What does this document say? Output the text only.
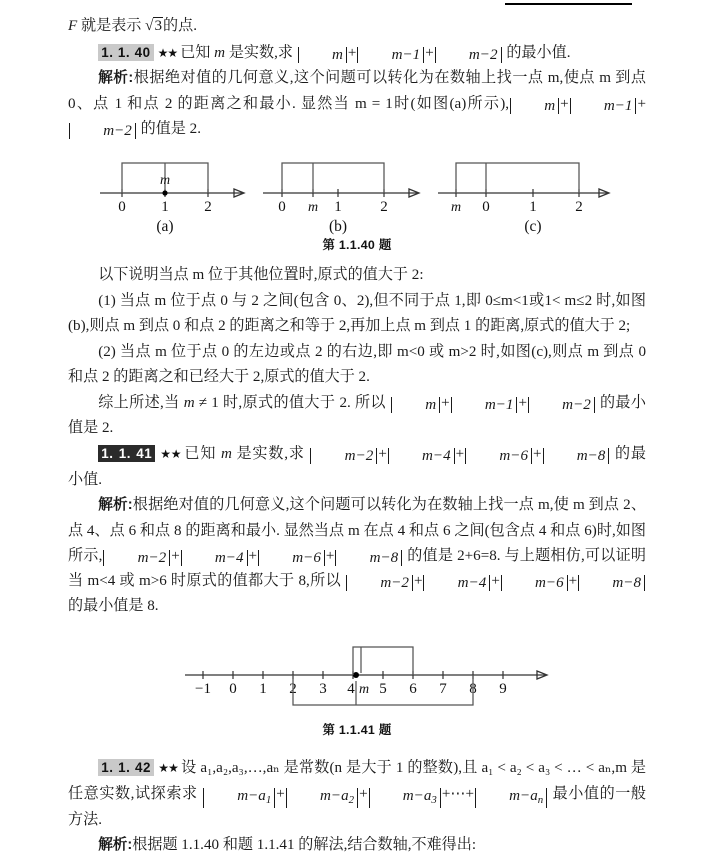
F 就是表示 √3的点.

1. 1. 40 ★★ 已知 m 是实数,求 m + m−1 + m−2 的最小值.

解析:根据绝对值的几何意义,这个问题可以转化为在数轴上找一点 m,使点 m 到点 0、点 1 和点 2 的距离之和最小. 显然当 m = 1时(如图(a)所示), m + m−1 +m−2 的值是 2.

m
0 1 2
(a)
0 m 1	2
(b)
m 0	1	2
(c)
第 1.1.40 题

以下说明当点 m 位于其他位置时,原式的值大于 2:

(1) 当点 m 位于点 0 与 2 之间(包含 0、2),但不同于点 1,即 0≤m<1或1< m≤2 时,如图(b),则点 m 到点 0 和点 2 的距离之和等于 2,再加上点 m 到点 1 的距离,原式的值大于 2;

(2) 当点 m 位于点 0 的左边或点 2 的右边,即 m<0 或 m>2 时,如图(c),则点 m 到点 0 和点 2 的距离之和已经大于 2,原式的值大于 2.

综上所述,当 m ≠ 1 时,原式的值大于 2. 所以 m + m−1 + m−2 的最小值是 2.

1. 1. 41 ★★ 已知 m 是实数,求 m−2 + m−4 + m−6 + m−8 的最小值.

解析:根据绝对值的几何意义,这个问题可以转化为在数轴上找一点 m,使 m 到点 2、点 4、点 6 和点 8 的距离和最小. 显然当点 m 在点 4 和点 6 之间(包含点 4 和点 6)时,如图所示, m−2 + m−4 + m−6 + m−8 的值是 2+6=8. 与上题相仿,可以证明当 m<4 或 m>6 时原式的值都大于 8,所以 m−2 + m−4 + m−6 + m−8 的最小值是 8.

−1 0 1 2 3 4 m 5 6 7 8 9
第 1.1.41 题

1. 1. 42 ★★ 设 a₁,a₂,a₃,…,aₙ 是常数(n 是大于 1 的整数),且 a₁ < a₂ < a₃ < … < aₙ,m 是任意实数,试探索求 $m-a_1 + m-a_2 + m-a_3$ +⋯+ $m-a_n$ 最小值的一般方法.

解析:根据题 1.1.40 和题 1.1.41 的解法,结合数轴,不难得出:
